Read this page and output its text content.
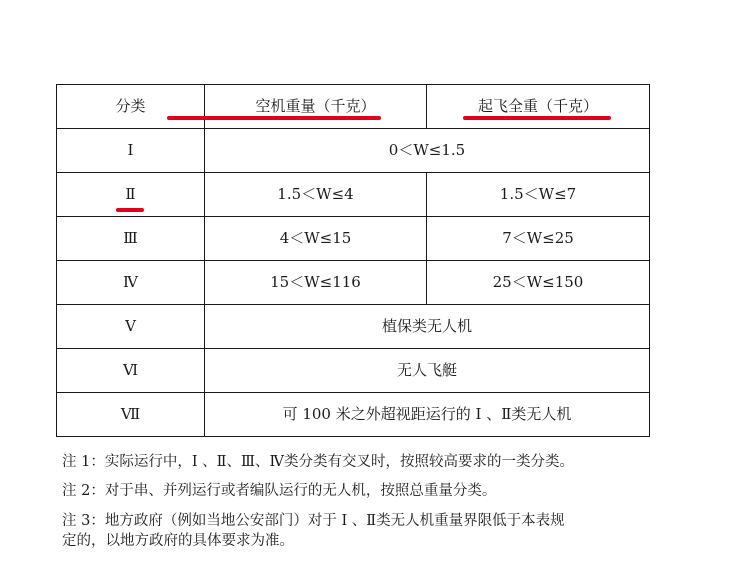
分类	空机重量（千克）	起飞全重（千克）
Ⅰ	0＜W≤1.5	
Ⅱ	1.5＜W≤4	1.5＜W≤7
Ⅲ	4＜W≤15	7＜W≤25
Ⅳ	15＜W≤116	25＜W≤150
Ⅴ	植保类无人机	
Ⅵ	无人飞艇	
Ⅶ	可 100 米之外超视距运行的 Ⅰ 、Ⅱ类无人机	
注 1：实际运行中，Ⅰ 、Ⅱ、Ⅲ、Ⅳ类分类有交叉时，按照较高要求的一类分类。
注 2：对于串、并列运行或者编队运行的无人机，按照总重量分类。
注 3：地方政府（例如当地公安部门）对于 Ⅰ 、Ⅱ类无人机重量界限低于本表规
定的，以地方政府的具体要求为准。
